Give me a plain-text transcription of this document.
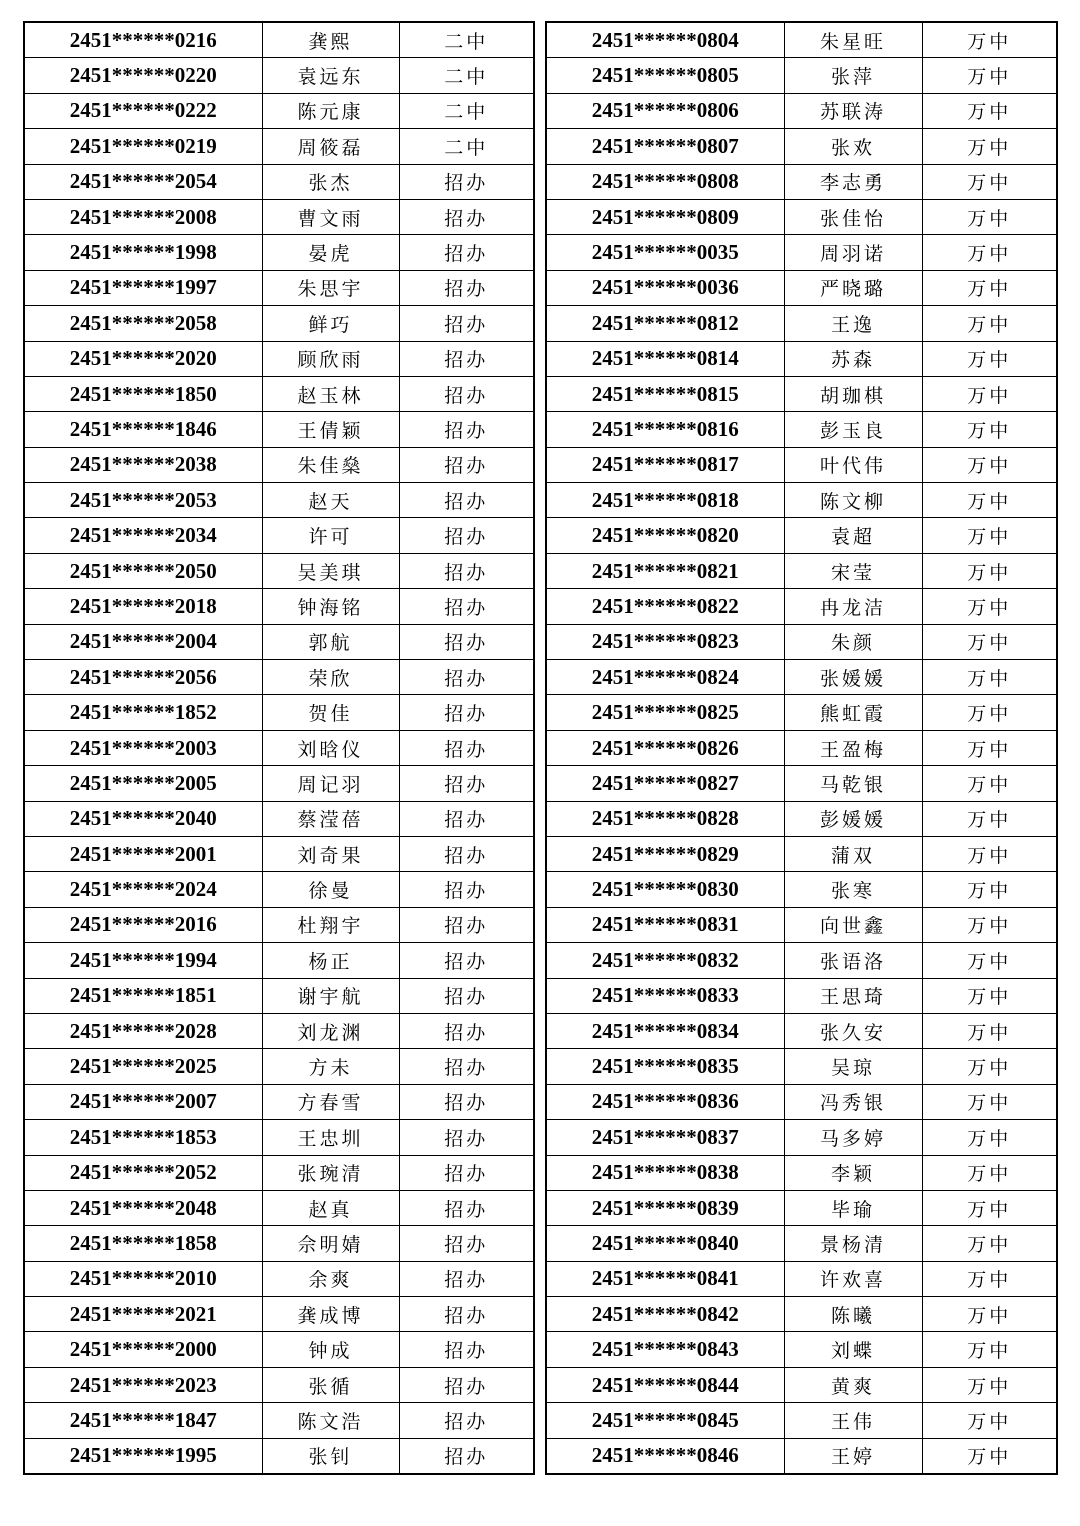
2451******0216	龚熙	二中
2451******0220	袁远东	二中
2451******0222	陈元康	二中
2451******0219	周筱磊	二中
2451******2054	张杰	招办
2451******2008	曹文雨	招办
2451******1998	晏虎	招办
2451******1997	朱思宇	招办
2451******2058	鲜巧	招办
2451******2020	顾欣雨	招办
2451******1850	赵玉林	招办
2451******1846	王倩颖	招办
2451******2038	朱佳燊	招办
2451******2053	赵天	招办
2451******2034	许可	招办
2451******2050	吴美琪	招办
2451******2018	钟海铭	招办
2451******2004	郭航	招办
2451******2056	荣欣	招办
2451******1852	贺佳	招办
2451******2003	刘晗仪	招办
2451******2005	周记羽	招办
2451******2040	蔡滢蓓	招办
2451******2001	刘奇果	招办
2451******2024	徐曼	招办
2451******2016	杜翔宇	招办
2451******1994	杨正	招办
2451******1851	谢宇航	招办
2451******2028	刘龙渊	招办
2451******2025	方未	招办
2451******2007	方春雪	招办
2451******1853	王忠圳	招办
2451******2052	张琬清	招办
2451******2048	赵真	招办
2451******1858	佘明婧	招办
2451******2010	余爽	招办
2451******2021	龚成博	招办
2451******2000	钟成	招办
2451******2023	张循	招办
2451******1847	陈文浩	招办
2451******1995	张钊	招办
2451******0804	朱星旺	万中
2451******0805	张萍	万中
2451******0806	苏联涛	万中
2451******0807	张欢	万中
2451******0808	李志勇	万中
2451******0809	张佳怡	万中
2451******0035	周羽诺	万中
2451******0036	严晓璐	万中
2451******0812	王逸	万中
2451******0814	苏森	万中
2451******0815	胡珈棋	万中
2451******0816	彭玉良	万中
2451******0817	叶代伟	万中
2451******0818	陈文柳	万中
2451******0820	袁超	万中
2451******0821	宋莹	万中
2451******0822	冉龙洁	万中
2451******0823	朱颜	万中
2451******0824	张媛媛	万中
2451******0825	熊虹霞	万中
2451******0826	王盈梅	万中
2451******0827	马乾银	万中
2451******0828	彭媛媛	万中
2451******0829	蒲双	万中
2451******0830	张寒	万中
2451******0831	向世鑫	万中
2451******0832	张语洛	万中
2451******0833	王思琦	万中
2451******0834	张久安	万中
2451******0835	吴琼	万中
2451******0836	冯秀银	万中
2451******0837	马多婷	万中
2451******0838	李颖	万中
2451******0839	毕瑜	万中
2451******0840	景杨清	万中
2451******0841	许欢喜	万中
2451******0842	陈曦	万中
2451******0843	刘蝶	万中
2451******0844	黄爽	万中
2451******0845	王伟	万中
2451******0846	王婷	万中
